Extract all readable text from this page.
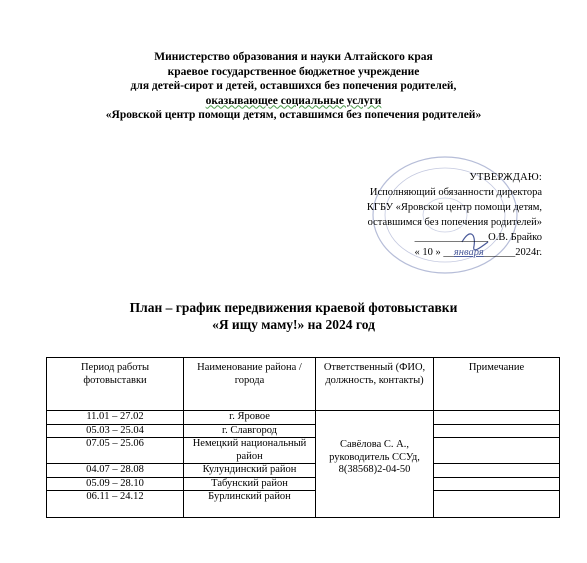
Министерство образования и науки Алтайского края
краевое государственное бюджетное учреждение
для детей-сирот и детей, оставшихся без попечения родителей,
оказывающее социальные услуги
«Яровской центр помощи детям, оставшимся без попечения родителей»
УТВЕРЖДАЮ:
Исполняющий обязанности директора
КГБУ «Яровской центр помощи детям,
оставшимся без попечения родителей»
______________О.В. Брайко
« 10 » __января______2024г.
План – график передвижения краевой фотовыставки
«Я ищу маму!» на 2024 год
Период работы фотовыставки	Наименование района /города	Ответственный (ФИО, должность, контакты)	Примечание
11.01 – 27.02	г. Яровое	Савёлова С. А.,
руководитель ССУд,
8(38568)2-04-50

05.03 – 25.04	г. Славгород		
07.05 – 25.06	Немецкий национальный район		
04.07 – 28.08	Кулундинский район		
05.09 – 28.10	Табунский район		
06.11 – 24.12	Бурлинский район		
